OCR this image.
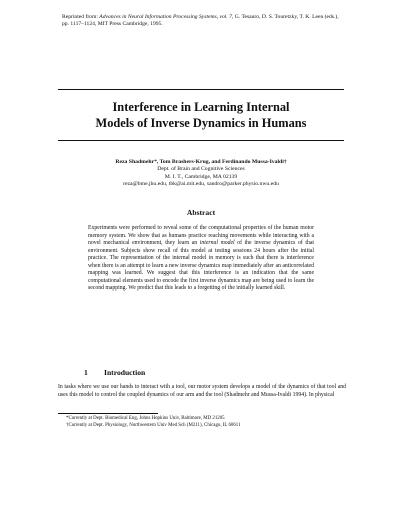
Reprinted from: Advances in Neural Information Processing Systems, vol. 7, G. Tesauro, D. S. Touretzky, T. K. Leen (eds.), pp. 1117–1124, MIT Press Cambridge, 1995.
Interference in Learning Internal
Models of Inverse Dynamics in Humans
Reza Shadmehr*, Tom Brashers-Krug, and Ferdinando Mussa-Ivaldi†
Dept. of Brain and Cognitive Sciences
M. I. T., Cambridge, MA 02139
reza@bme.jhu.edu, tbk@ai.mit.edu, sandro@parker.physio.nwu.edu
Abstract
Experiments were performed to reveal some of the computational properties of the human motor memory system. We show that as humans practice reaching movements while interacting with a novel mechanical environment, they learn an internal model of the inverse dynamics of that environment. Subjects show recall of this model at testing sessions 24 hours after the initial practice. The representation of the internal model in memory is such that there is interference when there is an attempt to learn a new inverse dynamics map immediately after an anticorrelated mapping was learned. We suggest that this interference is an indication that the same computational elements used to encode the first inverse dynamics map are being used to learn the second mapping. We predict that this leads to a forgetting of the initially learned skill.
1 Introduction
In tasks where we use our hands to interact with a tool, our motor system develops a model of the dynamics of that tool and uses this model to control the coupled dynamics of our arm and the tool (Shadmehr and Mussa-Ivaldi 1994). In physical
*Currently at Dept. Biomedical Eng, Johns Hopkins Univ, Baltimore, MD 21205
†Currently at Dept. Physiology, Northwestern Univ Med Sch (M211), Chicago, IL 60611
